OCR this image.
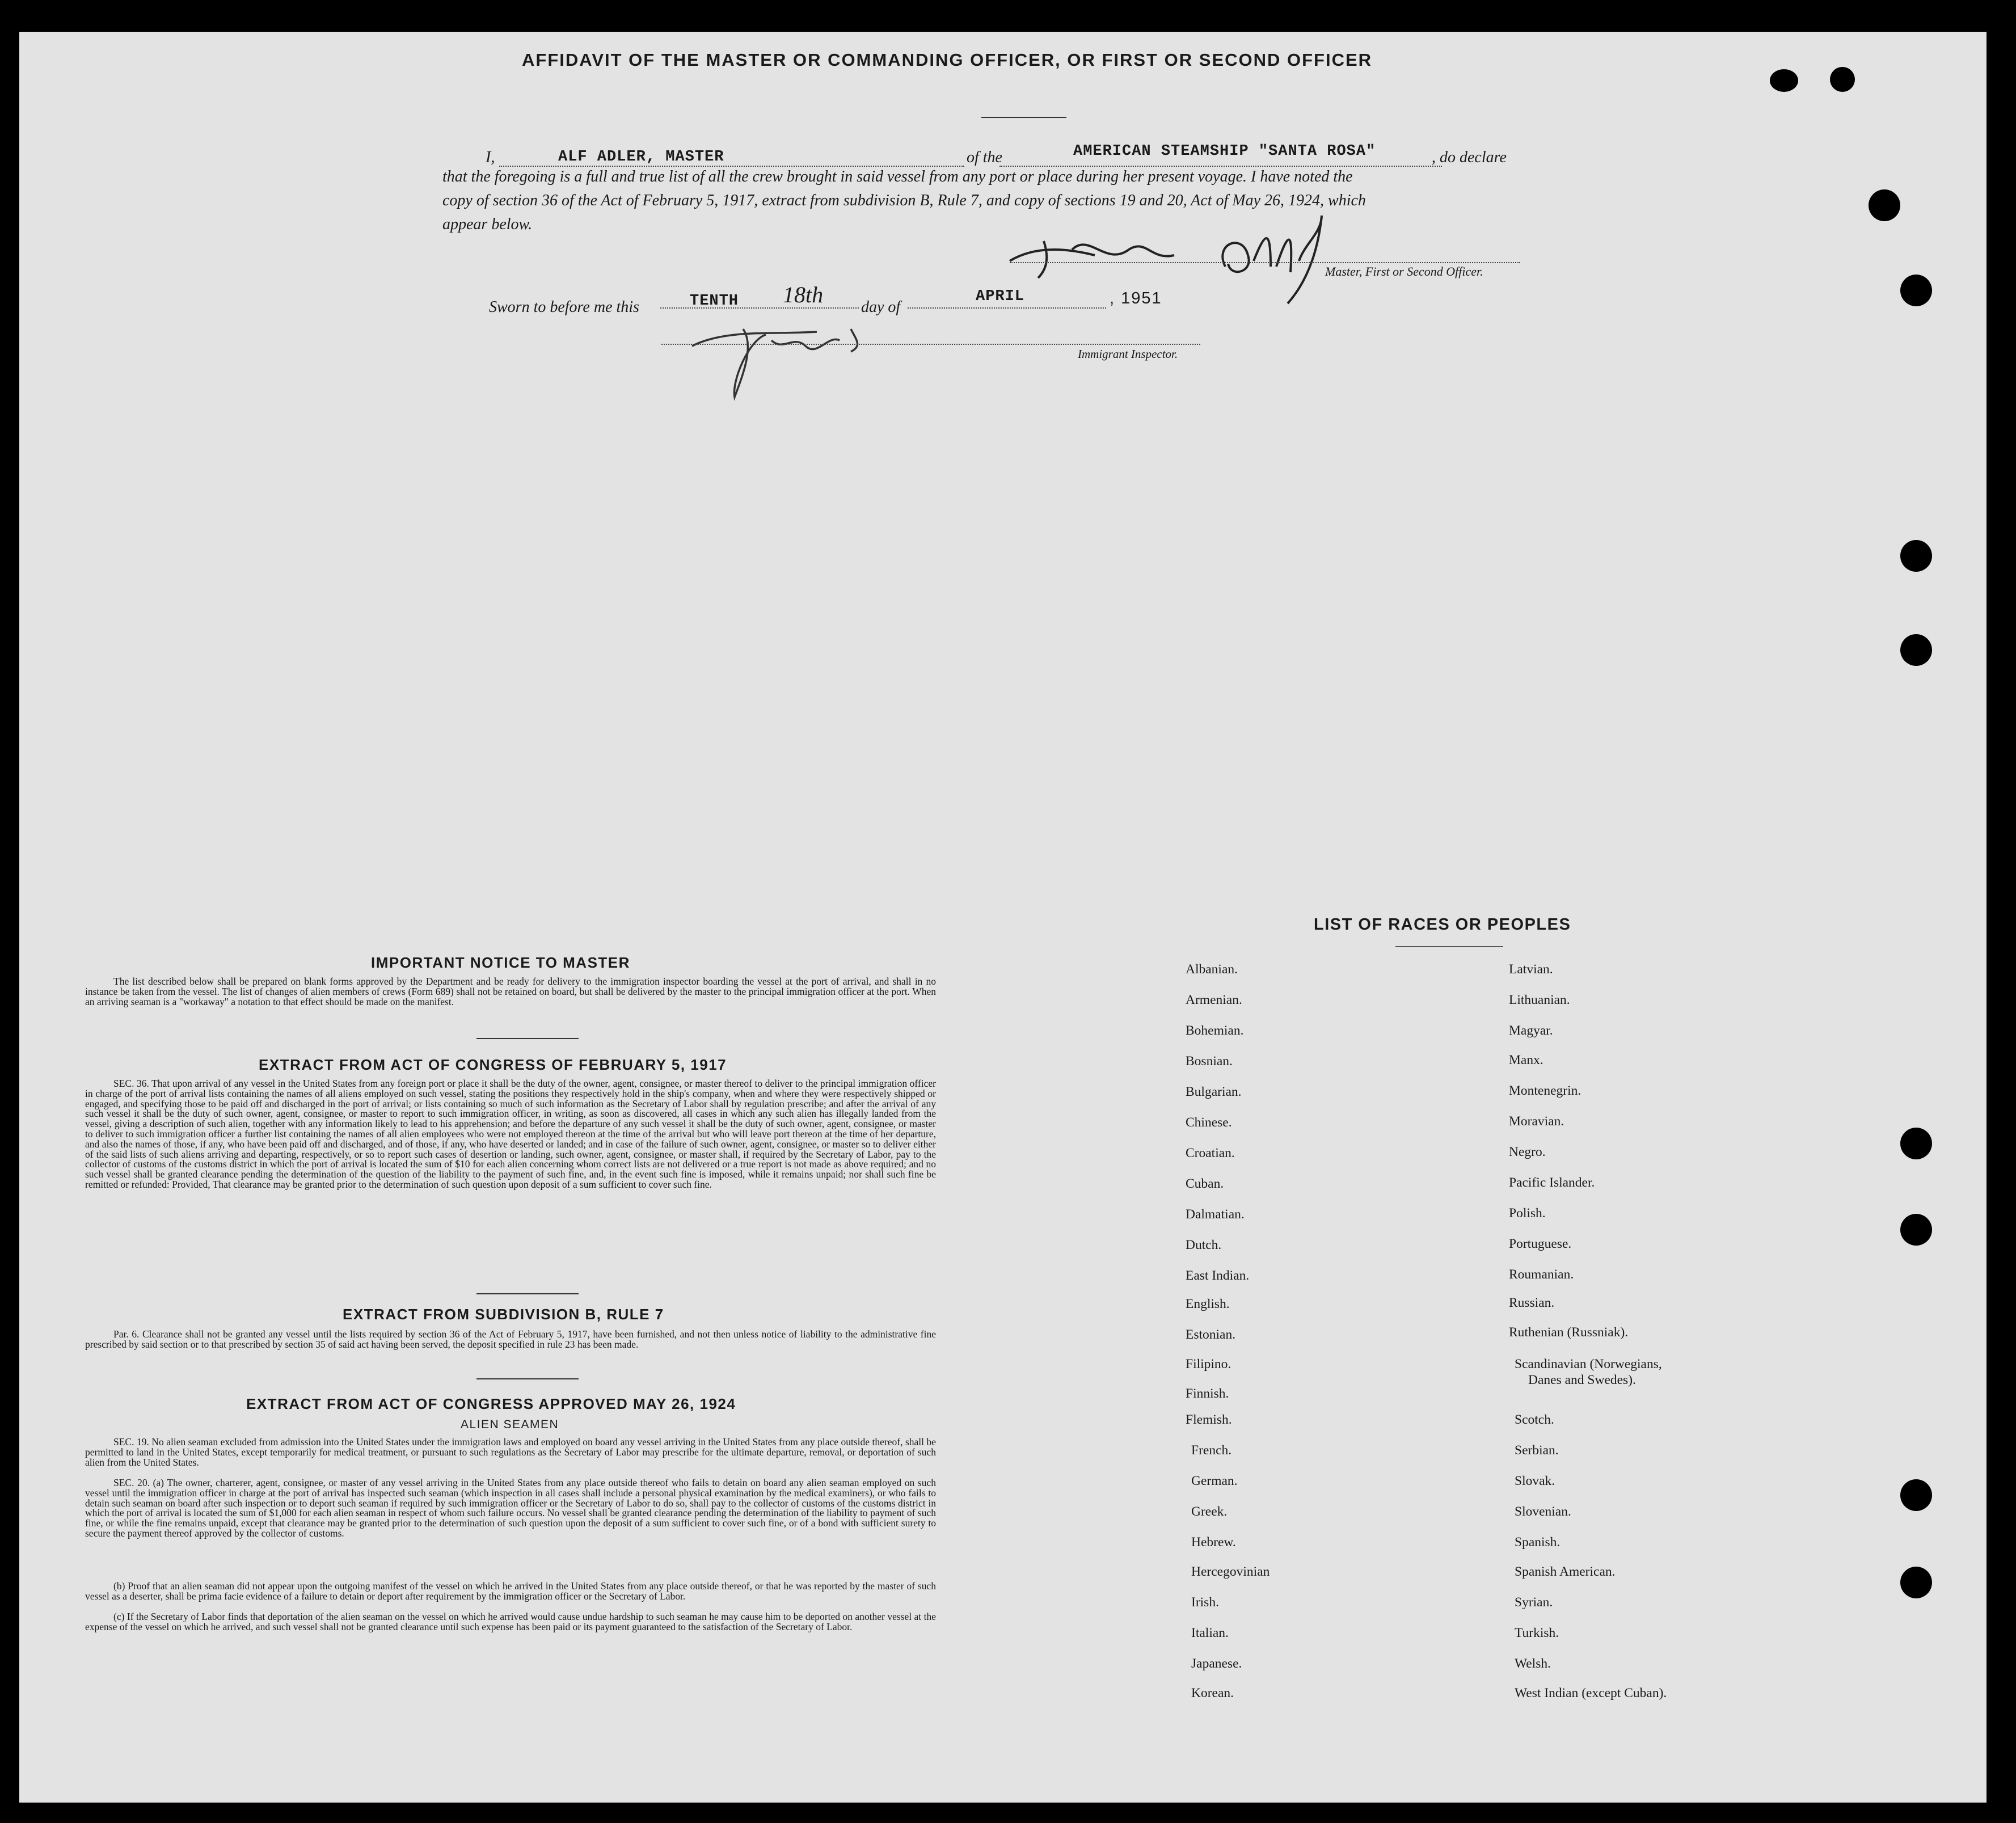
AFFIDAVIT OF THE MASTER OR COMMANDING OFFICER, OR FIRST OR SECOND OFFICER
I,	ALF ADLER, MASTER	of the	AMERICAN STEAMSHIP "SANTA ROSA"	, do declare
that the foregoing is a full and true list of all the crew brought in said vessel from any port or place during her present voyage. I have noted the
copy of section 36 of the Act of February 5, 1917, extract from subdivision B, Rule 7, and copy of sections 19 and 20, Act of May 26, 1924, which
appear below.
Master, First or Second Officer.
Sworn to before me this	TENTH 18th day of
APRIL	, 1951
Immigrant Inspector.
IMPORTANT NOTICE TO MASTER
The list described below shall be prepared on blank forms approved by the Department and be ready for delivery to the immigration inspector boarding the vessel at the port of arrival, and shall in no instance be taken from the vessel. The list of changes of alien members of crews (Form 689) shall not be retained on board, but shall be delivered by the master to the principal immigration officer at the port. When an arriving seaman is a "workaway" a notation to that effect should be made on the manifest.
EXTRACT FROM ACT OF CONGRESS OF FEBRUARY 5, 1917
SEC. 36. That upon arrival of any vessel in the United States from any foreign port or place it shall be the duty of the owner, agent, consignee, or master thereof to deliver to the principal immigration officer in charge of the port of arrival lists containing the names of all aliens employed on such vessel, stating the positions they respectively hold in the ship's company, when and where they were respectively shipped or engaged, and specifying those to be paid off and discharged in the port of arrival; or lists containing so much of such information as the Secretary of Labor shall by regulation prescribe; and after the arrival of any such vessel it shall be the duty of such owner, agent, consignee, or master to report to such immigration officer, in writing, as soon as discovered, all cases in which any such alien has illegally landed from the vessel, giving a description of such alien, together with any information likely to lead to his apprehension; and before the departure of any such vessel it shall be the duty of such owner, agent, consignee, or master to deliver to such immigration officer a further list containing the names of all alien employees who were not employed thereon at the time of the arrival but who will leave port thereon at the time of her departure, and also the names of those, if any, who have been paid off and discharged, and of those, if any, who have deserted or landed; and in case of the failure of such owner, agent, consignee, or master so to deliver either of the said lists of such aliens arriving and departing, respectively, or so to report such cases of desertion or landing, such owner, agent, consignee, or master shall, if required by the Secretary of Labor, pay to the collector of customs of the customs district in which the port of arrival is located the sum of $10 for each alien concerning whom correct lists are not delivered or a true report is not made as above required; and no such vessel shall be granted clearance pending the determination of the question of the liability to the payment of such fine, and, in the event such fine is imposed, while it remains unpaid; nor shall such fine be remitted or refunded: Provided, That clearance may be granted prior to the determination of such question upon deposit of a sum sufficient to cover such fine.
EXTRACT FROM SUBDIVISION B, RULE 7
Par. 6. Clearance shall not be granted any vessel until the lists required by section 36 of the Act of February 5, 1917, have been furnished, and not then unless notice of liability to the administrative fine prescribed by said section or to that prescribed by section 35 of said act having been served, the deposit specified in rule 23 has been made.
EXTRACT FROM ACT OF CONGRESS APPROVED MAY 26, 1924
ALIEN SEAMEN
SEC. 19. No alien seaman excluded from admission into the United States under the immigration laws and employed on board any vessel arriving in the United States from any place outside thereof, shall be permitted to land in the United States, except temporarily for medical treatment, or pursuant to such regulations as the Secretary of Labor may prescribe for the ultimate departure, removal, or deportation of such alien from the United States.
SEC. 20. (a) The owner, charterer, agent, consignee, or master of any vessel arriving in the United States from any place outside thereof who fails to detain on board any alien seaman employed on such vessel until the immigration officer in charge at the port of arrival has inspected such seaman (which inspection in all cases shall include a personal physical examination by the medical examiners), or who fails to detain such seaman on board after such inspection or to deport such seaman if required by such immigration officer or the Secretary of Labor to do so, shall pay to the collector of customs of the customs district in which the port of arrival is located the sum of $1,000 for each alien seaman in respect of whom such failure occurs. No vessel shall be granted clearance pending the determination of the liability to payment of such fine, or while the fine remains unpaid, except that clearance may be granted prior to the determination of such question upon the deposit of a sum sufficient to cover such fine, or of a bond with sufficient surety to secure the payment thereof approved by the collector of customs.
(b) Proof that an alien seaman did not appear upon the outgoing manifest of the vessel on which he arrived in the United States from any place outside thereof, or that he was reported by the master of such vessel as a deserter, shall be prima facie evidence of a failure to detain or deport after requirement by the immigration officer or the Secretary of Labor.
(c) If the Secretary of Labor finds that deportation of the alien seaman on the vessel on which he arrived would cause undue hardship to such seaman he may cause him to be deported on another vessel at the expense of the vessel on which he arrived, and such vessel shall not be granted clearance until such expense has been paid or its payment guaranteed to the satisfaction of the Secretary of Labor.
LIST OF RACES OR PEOPLES
Albanian.
Armenian.
Bohemian.
Bosnian.
Bulgarian.
Chinese.
Croatian.
Cuban.
Dalmatian.
Dutch.
East Indian.
English.
Estonian.
Filipino.
Finnish.
Flemish.
French.
German.
Greek.
Hebrew.
Hercegovinian
Irish.
Italian.
Japanese.
Korean.
Latvian.
Lithuanian.
Magyar.
Manx.
Montenegrin.
Moravian.
Negro.
Pacific Islander.
Polish.
Portuguese.
Roumanian.
Russian.
Ruthenian (Russniak).
Scandinavian (Norwegians,
Danes and Swedes).
Scotch.
Serbian.
Slovak.
Slovenian.
Spanish.
Spanish American.
Syrian.
Turkish.
Welsh.
West Indian (except Cuban).
